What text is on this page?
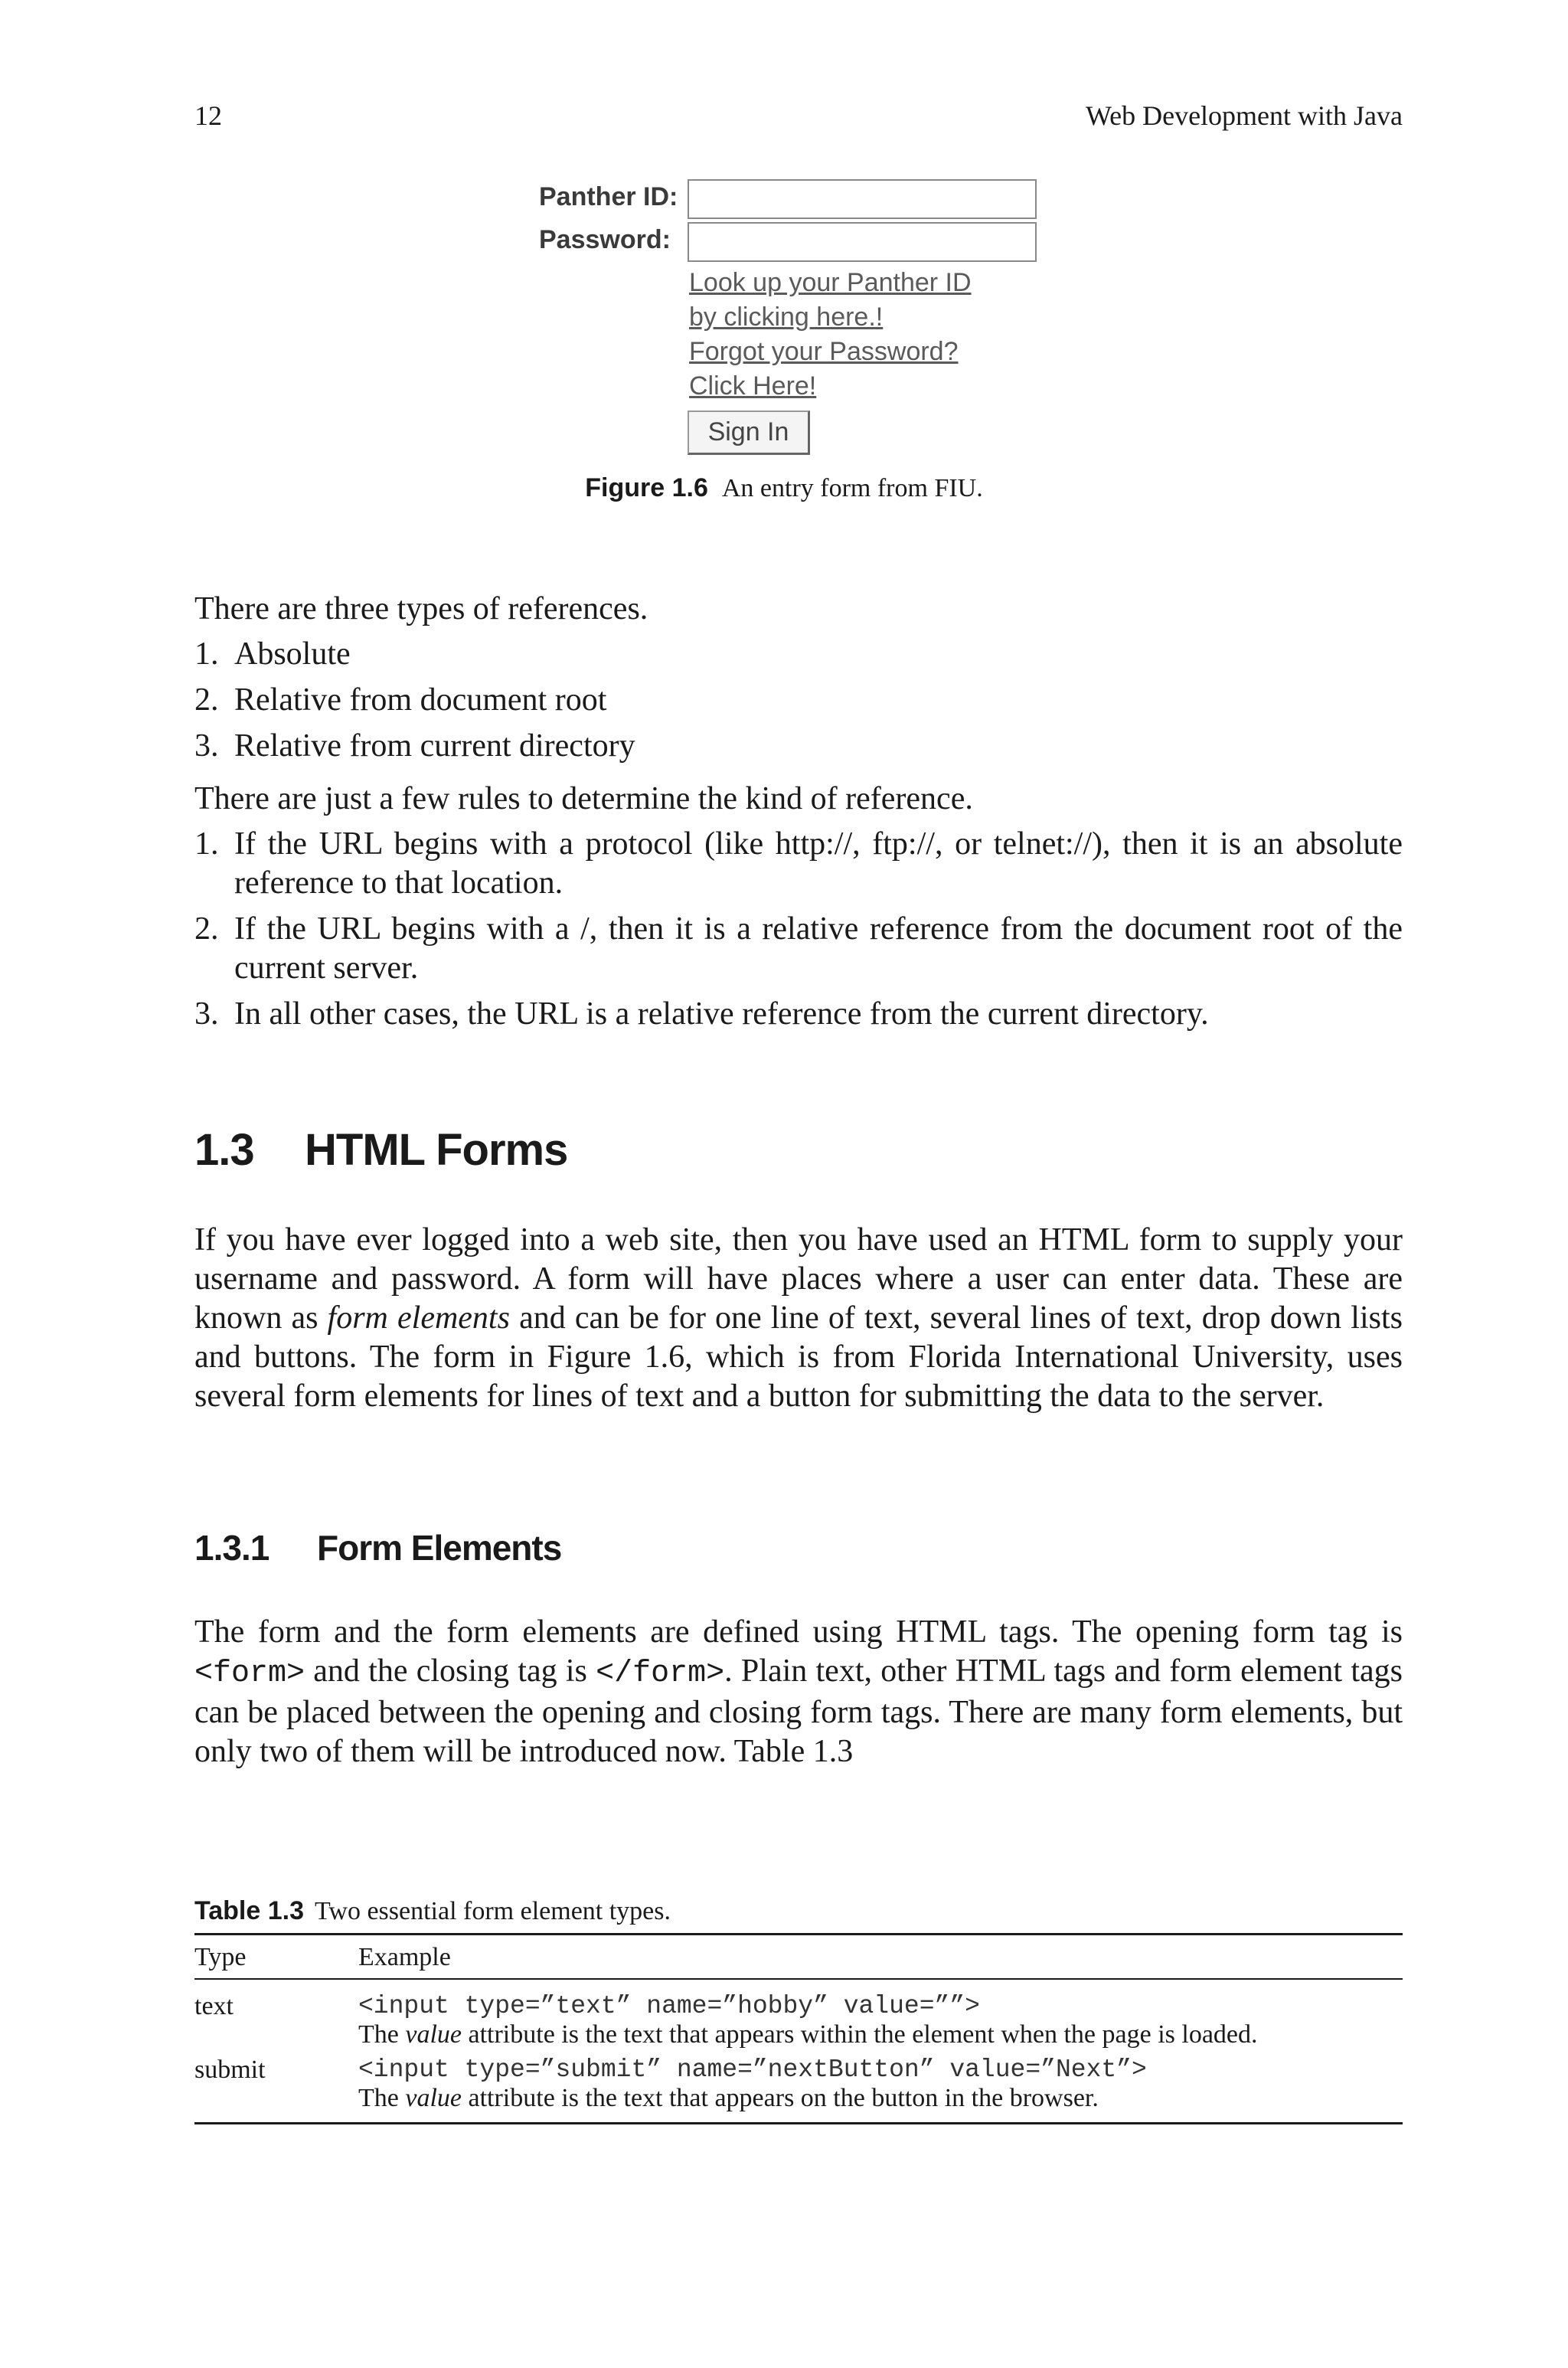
12	Web Development with Java
Panther ID:
Password:
Look up your Panther ID
by clicking here.!
Forgot your Password?
Click Here!
Sign In
Figure 1.6 An entry form from FIU.

There are three types of references.

1. Absolute
2. Relative from document root
3. Relative from current directory

There are just a few rules to determine the kind of reference.

1. If the URL begins with a protocol (like http://, ftp://, or telnet://), then it is an absolute reference to that location.
2. If the URL begins with a /, then it is a relative reference from the document root of the current server.
3. In all other cases, the URL is a relative reference from the current directory.
1.3 HTML Forms

If you have ever logged into a web site, then you have used an HTML form to supply your username and password. A form will have places where a user can enter data. These are known as form elements and can be for one line of text, several lines of text, drop down lists and buttons. The form in Figure 1.6, which is from Florida International University, uses several form elements for lines of text and a button for submitting the data to the server.

1.3.1 Form Elements

The form and the form elements are defined using HTML tags. The opening form tag is <form> and the closing tag is </form>. Plain text, other HTML tags and form element tags can be placed between the opening and closing form tags. There are many form elements, but only two of them will be introduced now. Table 1.3

Table 1.3 Two essential form element types.
Type	Example
text	<input type=”text” name=”hobby” value=””>
The value attribute is the text that appears within the element when the page is loaded.
submit	<input type=”submit” name=”nextButton” value=”Next”>
The value attribute is the text that appears on the button in the browser.
